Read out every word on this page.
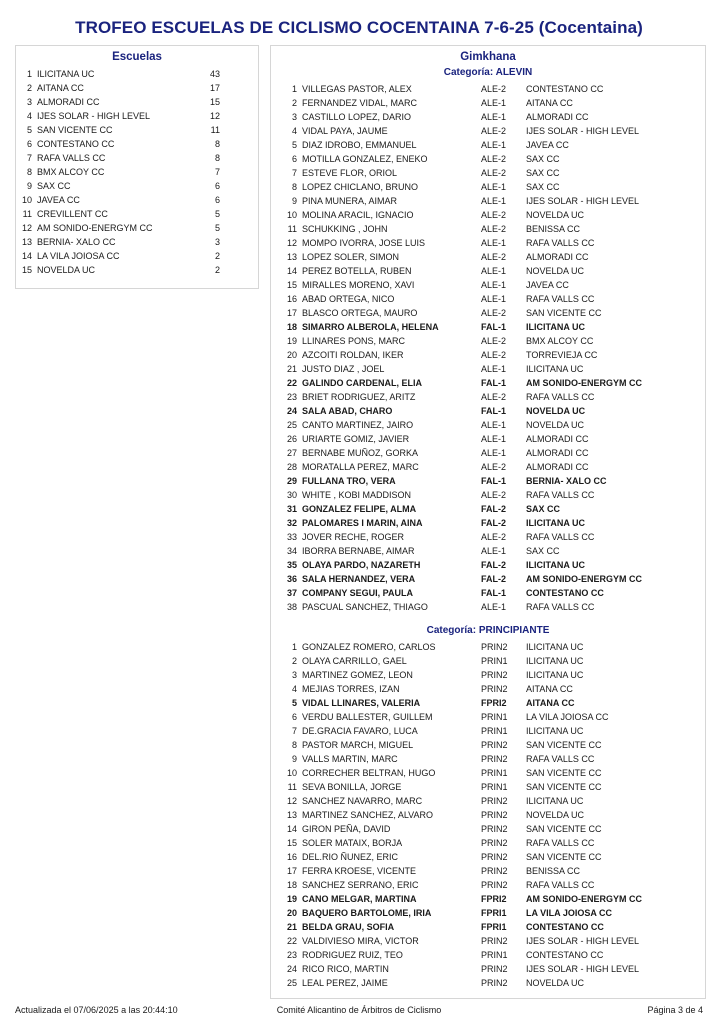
TROFEO ESCUELAS DE CICLISMO COCENTAINA 7-6-25 (Cocentaina)
Escuelas
1 ILICITANA UC	43
2 AITANA CC	17
3 ALMORADI CC	15
4 IJES SOLAR - HIGH LEVEL	12
5 SAN VICENTE CC	11
6 CONTESTANO CC	8
7 RAFA VALLS CC	8
8 BMX ALCOY CC	7
9 SAX CC	6
10 JAVEA CC	6
11 CREVILLENT CC	5
12 AM SONIDO-ENERGYM CC	5
13 BERNIA- XALO CC	3
14 LA VILA JOIOSA CC	2
15 NOVELDA UC	2
Gimkhana
Categoría: ALEVIN
1 VILLEGAS PASTOR, ALEX	ALE-2 CONTESTANO CC
2 FERNANDEZ VIDAL, MARC	ALE-1 AITANA CC
3 CASTILLO LOPEZ, DARIO	ALE-1 ALMORADI CC
4 VIDAL PAYA, JAUME	ALE-2 IJES SOLAR - HIGH LEVEL
5 DIAZ IDROBO, EMMANUEL	ALE-1 JAVEA CC
6 MOTILLA GONZALEZ, ENEKO	ALE-2 SAX CC
7 ESTEVE FLOR, ORIOL	ALE-2 SAX CC
8 LOPEZ CHICLANO, BRUNO	ALE-1 SAX CC
9 PINA MUNERA, AIMAR	ALE-1 IJES SOLAR - HIGH LEVEL
10 MOLINA ARACIL, IGNACIO	ALE-2 NOVELDA UC
11 SCHUKKING , JOHN	ALE-2 BENISSA CC
12 MOMPO IVORRA, JOSE LUIS	ALE-1 RAFA VALLS CC
13 LOPEZ SOLER, SIMON	ALE-2 ALMORADI CC
14 PEREZ BOTELLA, RUBEN	ALE-1 NOVELDA UC
15 MIRALLES MORENO, XAVI	ALE-1 JAVEA CC
16 ABAD ORTEGA, NICO	ALE-1 RAFA VALLS CC
17 BLASCO ORTEGA, MAURO	ALE-2 SAN VICENTE CC
18 SIMARRO ALBEROLA, HELENA	FAL-1 ILICITANA UC
19 LLINARES PONS, MARC	ALE-2 BMX ALCOY CC
20 AZCOITI ROLDAN, IKER	ALE-2 TORREVIEJA CC
21 JUSTO DIAZ , JOEL	ALE-1 ILICITANA UC
22 GALINDO CARDENAL, ELIA	FAL-1 AM SONIDO-ENERGYM CC
23 BRIET RODRIGUEZ, ARITZ	ALE-2 RAFA VALLS CC
24 SALA ABAD, CHARO	FAL-1 NOVELDA UC
25 CANTO MARTINEZ, JAIRO	ALE-1 NOVELDA UC
26 URIARTE GOMIZ, JAVIER	ALE-1 ALMORADI CC
27 BERNABE MUÑOZ, GORKA	ALE-1 ALMORADI CC
28 MORATALLA PEREZ, MARC	ALE-2 ALMORADI CC
29 FULLANA TRO, VERA	FAL-1 BERNIA- XALO CC
30 WHITE , KOBI MADDISON	ALE-2 RAFA VALLS CC
31 GONZALEZ FELIPE, ALMA	FAL-2 SAX CC
32 PALOMARES I MARIN, AINA	FAL-2 ILICITANA UC
33 JOVER RECHE, ROGER	ALE-2 RAFA VALLS CC
34 IBORRA BERNABE, AIMAR	ALE-1 SAX CC
35 OLAYA PARDO, NAZARETH	FAL-2 ILICITANA UC
36 SALA HERNANDEZ, VERA	FAL-2 AM SONIDO-ENERGYM CC
37 COMPANY SEGUI, PAULA	FAL-1 CONTESTANO CC
38 PASCUAL SANCHEZ, THIAGO	ALE-1 RAFA VALLS CC
Categoría: PRINCIPIANTE
1 GONZALEZ ROMERO, CARLOS	PRIN2 ILICITANA UC
2 OLAYA CARRILLO, GAEL	PRIN1 ILICITANA UC
3 MARTINEZ GOMEZ, LEON	PRIN2 ILICITANA UC
4 MEJIAS TORRES, IZAN	PRIN2 AITANA CC
5 VIDAL LLINARES, VALERIA	FPRI2 AITANA CC
6 VERDU BALLESTER, GUILLEM	PRIN1 LA VILA JOIOSA CC
7 DE.GRACIA FAVARO, LUCA	PRIN1 ILICITANA UC
8 PASTOR MARCH, MIGUEL	PRIN2 SAN VICENTE CC
9 VALLS MARTIN, MARC	PRIN2 RAFA VALLS CC
10 CORRECHER BELTRAN, HUGO	PRIN1 SAN VICENTE CC
11 SEVA BONILLA, JORGE	PRIN1 SAN VICENTE CC
12 SANCHEZ NAVARRO, MARC	PRIN2 ILICITANA UC
13 MARTINEZ SANCHEZ, ALVARO	PRIN2 NOVELDA UC
14 GIRON PEÑA, DAVID	PRIN2 SAN VICENTE CC
15 SOLER MATAIX, BORJA	PRIN2 RAFA VALLS CC
16 DEL.RIO ÑUNEZ, ERIC	PRIN2 SAN VICENTE CC
17 FERRA KROESE, VICENTE	PRIN2 BENISSA CC
18 SANCHEZ SERRANO, ERIC	PRIN2 RAFA VALLS CC
19 CANO MELGAR, MARTINA	FPRI2 AM SONIDO-ENERGYM CC
20 BAQUERO BARTOLOME, IRIA	FPRI1 LA VILA JOIOSA CC
21 BELDA GRAU, SOFIA	FPRI1 CONTESTANO CC
22 VALDIVIESO MIRA, VICTOR	PRIN2 IJES SOLAR - HIGH LEVEL
23 RODRIGUEZ RUIZ, TEO	PRIN1 CONTESTANO CC
24 RICO RICO, MARTIN	PRIN2 IJES SOLAR - HIGH LEVEL
25 LEAL PEREZ, JAIME	PRIN2 NOVELDA UC
Actualizada el 07/06/2025 a las 20:44:10	Comité Alicantino de Árbitros de Ciclismo	Página 3 de 4
